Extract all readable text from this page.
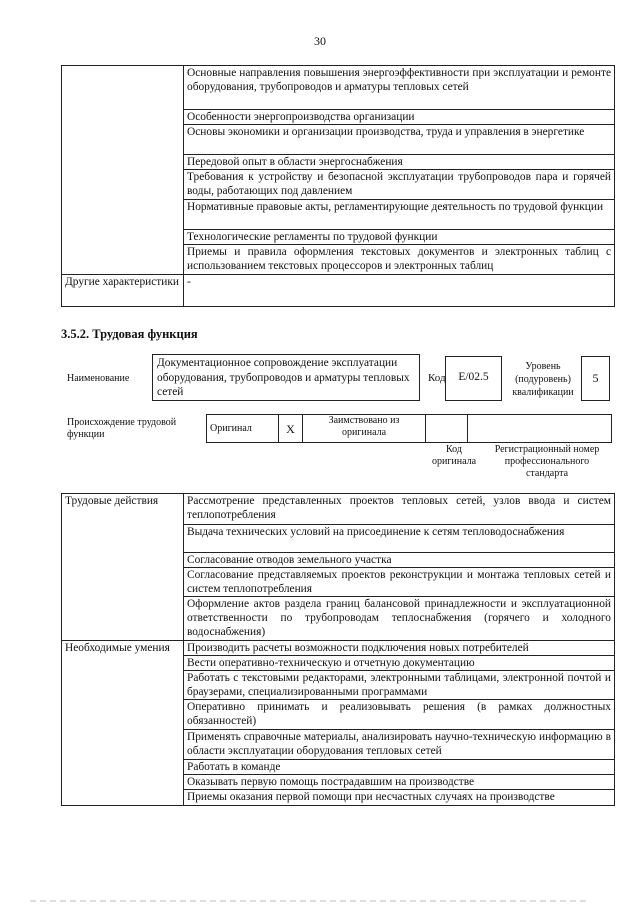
30
	Основные направления повышения энергоэффективности при эксплуатации и ремонте оборудования, трубопроводов и арматуры тепловых сетей
	Особенности энергопроизводства организации
	Основы экономики и организации производства, труда и управления в энергетике
	Передовой опыт в области энергоснабжения
	Требования к устройству и безопасной эксплуатации трубопроводов пара и горячей воды, работающих под давлением
	Нормативные правовые акты, регламентирующие деятельность по трудовой функции
	Технологические регламенты по трудовой функции
	Приемы и правила оформления текстовых документов и электронных таблиц с использованием текстовых процессоров и электронных таблиц
Другие характеристики	-
3.5.2. Трудовая функция
Наименование
Документационное сопровождение эксплуатации оборудования, трубопроводов и арматуры тепловых сетей
Код	E/02.5
Уровень (подуровень) квалификации
5
Происхождение трудовой функции
Оригинал	X	Заимствовано из оригинала		
Код оригинала
Регистрационный номер профессионального стандарта
Трудовые действия	Рассмотрение представленных проектов тепловых сетей, узлов ввода и систем теплопотребления
	Выдача технических условий на присоединение к сетям тепловодоснабжения
	Согласование отводов земельного участка
	Согласование представляемых проектов реконструкции и монтажа тепловых сетей и систем теплопотребления
	Оформление актов раздела границ балансовой принадлежности и эксплуатационной ответственности по трубопроводам теплоснабжения (горячего и холодного водоснабжения)
Необходимые умения	Производить расчеты возможности подключения новых потребителей
	Вести оперативно-техническую и отчетную документацию
	Работать с текстовыми редакторами, электронными таблицами, электронной почтой и браузерами, специализированными программами
	Оперативно принимать и реализовывать решения (в рамках должностных обязанностей)
	Применять справочные материалы, анализировать научно-техническую информацию в области эксплуатации оборудования тепловых сетей
	Работать в команде
	Оказывать первую помощь пострадавшим на производстве
	Приемы оказания первой помощи при несчастных случаях на производстве
